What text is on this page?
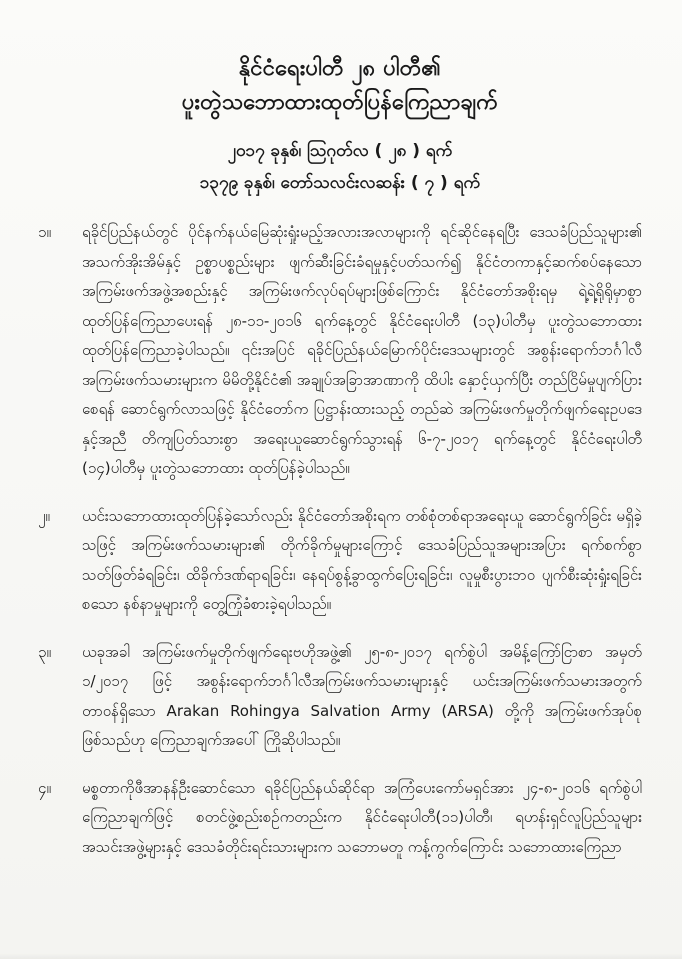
နိုင်ငံရေးပါတီ ၂၈ ပါတီ၏
ပူးတွဲသဘောထားထုတ်ပြန်ကြေညာချက်
၂၀၁၇ ခုနှစ်၊ ဩဂုတ်လ ( ၂၈ ) ရက်
၁၃၇၉ ခုနှစ်၊ တော်သလင်းလဆန်း ( ၇ ) ရက်
၁။	ရခိုင်ပြည်နယ်တွင် ပိုင်နက်နယ်မြေဆုံးရှုံးမည့်အလားအလာများကို ရင်ဆိုင်နေရပြီး ဒေသခံပြည်သူများ၏ အသက်အိုးအိမ်နှင့် ဥစ္စာပစ္စည်းများ ဖျက်ဆီးခြင်းခံရမှုနှင့်ပတ်သက်၍ နိုင်ငံတကာနှင့်ဆက်စပ်နေသော အကြမ်းဖက်အဖွဲ့အစည်းနှင့် အကြမ်းဖက်လုပ်ရပ်များဖြစ်ကြောင်း နိုင်ငံတော်အစိုးရမှ ရဲ့ရဲ့ရိုရိုမှာစွာထုတ်ပြန်ကြေညာပေးရန် ၂၈-၁၁-၂၀၁၆ ရက်နေ့တွင် နိုင်ငံရေးပါတီ (၁၃)ပါတီမှ ပူးတွဲသဘောထား ထုတ်ပြန်ကြေညာခဲ့ပါသည်။ ၎င်းအပြင် ရခိုင်ပြည်နယ်မြောက်ပိုင်းဒေသများတွင် အစွန်းရောက်ဘင်္ဂါလီ အကြမ်းဖက်သမားများက မိမိတို့နိုင်ငံ၏ အချုပ်အခြာအာဏာကို ထိပါး နှောင့်ယှက်ပြီး တည်ငြိမ်မှုပျက်ပြား စေရန် ဆောင်ရွက်လာသဖြင့် နိုင်ငံတော်က ပြဋ္ဌာန်းထားသည့် တည်ဆဲ အကြမ်းဖက်မှုတိုက်ဖျက်ရေးဥပဒေနှင့်အညီ တိကျပြတ်သားစွာ အရေးယူဆောင်ရွက်သွားရန် ၆-၇-၂၀၁၇ ရက်နေ့တွင် နိုင်ငံရေးပါတီ (၁၄)ပါတီမှ ပူးတွဲသဘောထား ထုတ်ပြန်ခဲ့ပါသည်။
၂။	ယင်းသဘောထားထုတ်ပြန်ခဲ့သော်လည်း နိုင်ငံတော်အစိုးရက တစ်စုံတစ်ရာအရေးယူ ဆောင်ရွက်ခြင်း မရှိခဲ့သဖြင့် အကြမ်းဖက်သမားများ၏ တိုက်ခိုက်မှုများကြောင့် ဒေသခံပြည်သူအများအပြား ရက်စက်စွာ သတ်ဖြတ်ခံရခြင်း၊ ထိခိုက်ဒဏ်ရာရခြင်း၊ နေရပ်စွန့်ခွာထွက်ပြေးရခြင်း၊ လူမှုစီးပွားဘဝ ပျက်စီးဆုံးရှုံးရခြင်း စသော နစ်နာမှုများကို တွေ့ကြုံခံစားခဲ့ရပါသည်။
၃။	ယခုအခါ အကြမ်းဖက်မှုတိုက်ဖျက်ရေးဗဟိုအဖွဲ့၏ ၂၅-၈-၂၀၁၇ ရက်စွဲပါ အမိန့်ကြော်ငြာစာ အမှတ် ၁/၂၀၁၇ ဖြင့် အစွန်းရောက်ဘင်္ဂါလီအကြမ်းဖက်သမားများနှင့် ယင်းအကြမ်းဖက်သမားအတွက် တာဝန်ရှိသော Arakan Rohingya Salvation Army (ARSA) တို့ကို အကြမ်းဖက်အုပ်စုဖြစ်သည်ဟု ကြေညာချက်အပေါ် ကြိုဆိုပါသည်။
၄။	မစ္စတာကိုဖီအာနန်ဦးဆောင်သော ရခိုင်ပြည်နယ်ဆိုင်ရာ အကြံပေးကော်မရှင်အား ၂၄-၈-၂၀၁၆ ရက်စွဲပါ ကြေညာချက်ဖြင့် စတင်ဖွဲ့စည်းစဉ်ကတည်းက နိုင်ငံရေးပါတီ(၁၁)ပါတီ၊ ရဟန်းရှင်လူပြည်သူများ အသင်းအဖွဲ့များနှင့် ဒေသခံတိုင်းရင်းသားများက သဘောမတူ ကန့်ကွက်ကြောင်း သဘောထားကြေညာ
